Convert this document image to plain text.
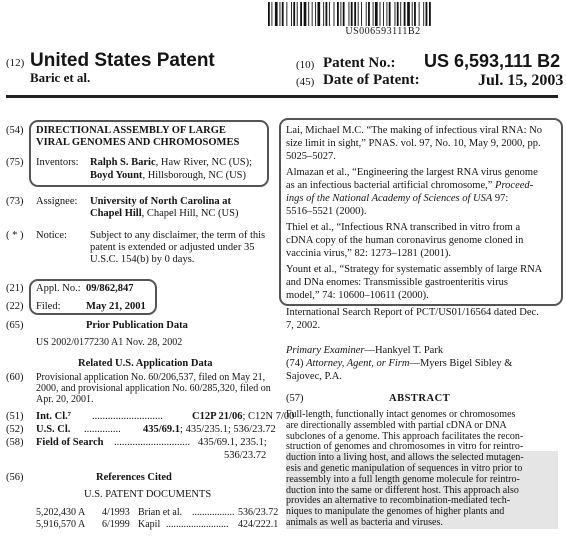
US006593111B2
(12) United States Patent
Baric et al.
(10) Patent No.: US 6,593,111 B2
(45) Date of Patent:	Jul. 15, 2003
(54) DIRECTIONAL ASSEMBLY OF LARGE
VIRAL GENOMES AND CHROMOSOMES
(75) Inventors: Ralph S. Baric, Haw River, NC (US);
Boyd Yount, Hillsborough, NC (US)
(73) Assignee: University of North Carolina at
Chapel Hill, Chapel Hill, NC (US)
( * ) Notice: Subject to any disclaimer, the term of this
patent is extended or adjusted under 35
U.S.C. 154(b) by 0 days.
(21) Appl. No.: 09/862,847
(22) Filed: May 21, 2001
(65)	Prior Publication Data
US 2002/0177230 A1 Nov. 28, 2002
Related U.S. Application Data
(60) Provisional application No. 60/206,537, filed on May 21,
2000, and provisional application No. 60/285,320, filed on
Apr. 20, 2001.
(51) Int. Cl.⁷ ...........................	C12P 21/06; C12N 7/00
(52) U.S. Cl. .............. 435/69.1; 435/235.1; 536/23.72
(58) Field of Search ............................. 435/69.1, 235.1;
536/23.72
(56)	References Cited
U.S. PATENT DOCUMENTS
5,202,430 A 4/1993 Brian et al. ................. 536/23.72
5,916,570 A 6/1999 Kapil ......................... 424/222.1
Lai, Michael M.C. “The making of infectious viral RNA: No
size limit in sight,” PNAS. vol. 97, No. 10, May 9, 2000, pp.
5025–5027.
Almazan et al., “Engineering the largest RNA virus genome
as an infectious bacterial artificial chromosome,” Proceed-
ings of the National Academy of Sciences of USA 97:
5516–5521 (2000).
Thiel et al., “Infectious RNA transcribed in vitro from a
cDNA copy of the human coronavirus genome cloned in
vaccinia virus,” 82: 1273–1281 (2001).
Yount et al., “Strategy for systematic assembly of large RNA
and DNa enomes: Transmissible gastroenteritis virus
model,” 74: 10600–10611 (2000).
International Search Report of PCT/US01/16564 dated Dec.
7, 2002.
Primary Examiner—Hankyel T. Park
(74) Attorney, Agent, or Firm—Myers Bigel Sibley &
Sajovec, P.A.
(57)	ABSTRACT
Full-length, functionally intact genomes or chromosomes
are directionally assembled with partial cDNA or DNA
subclones of a genome. This approach facilitates the recon-
struction of genomes and chromosomes in vitro for reintro-
duction into a living host, and allows the selected mutagen-
esis and genetic manipulation of sequences in vitro prior to
reassembly into a full length genome molecule for reintro-
duction into the same or different host. This approach also
provides an alternative to recombination-mediated tech-
niques to manipulate the genomes of higher plants and
animals as well as bacteria and viruses.
